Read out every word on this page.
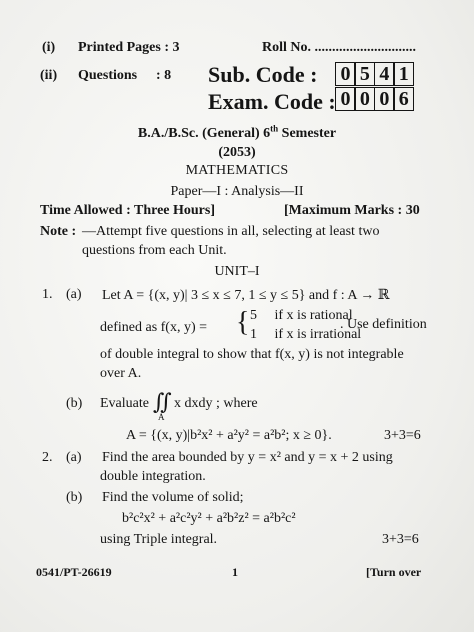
(i) Printed Pages : 3	Roll No. .............................
(ii) Questions : 8 Sub. Code : 0 5 4 1
Exam. Code : 0 0 0 6
B.A./B.Sc. (General) 6th Semester
(2053)
MATHEMATICS
Paper—I : Analysis—II
Time Allowed : Three Hours]	[Maximum Marks : 30
Note : —Attempt five questions in all, selecting at least two
questions from each Unit.
UNIT–I
1. (a) Let A = {(x, y)| 3 ≤ x ≤ 7, 1 ≤ y ≤ 5} and f : A → ℝ
defined as f(x, y) = { 5     if x is rational
1     if x is irrational
. Use definition
of double integral to show that f(x, y) is not integrable
over A.
(b) Evaluate ∬
A
x dxdy ; where
A = {(x, y)|b²x² + a²y² = a²b²; x ≥ 0}.	3+3=6
2. (a) Find the area bounded by y = x² and y = x + 2 using
double integration.
(b) Find the volume of solid;
b²c²x² + a²c²y² + a²b²z² = a²b²c²
using Triple integral.	3+3=6
0541/PT-26619	1	[Turn over
